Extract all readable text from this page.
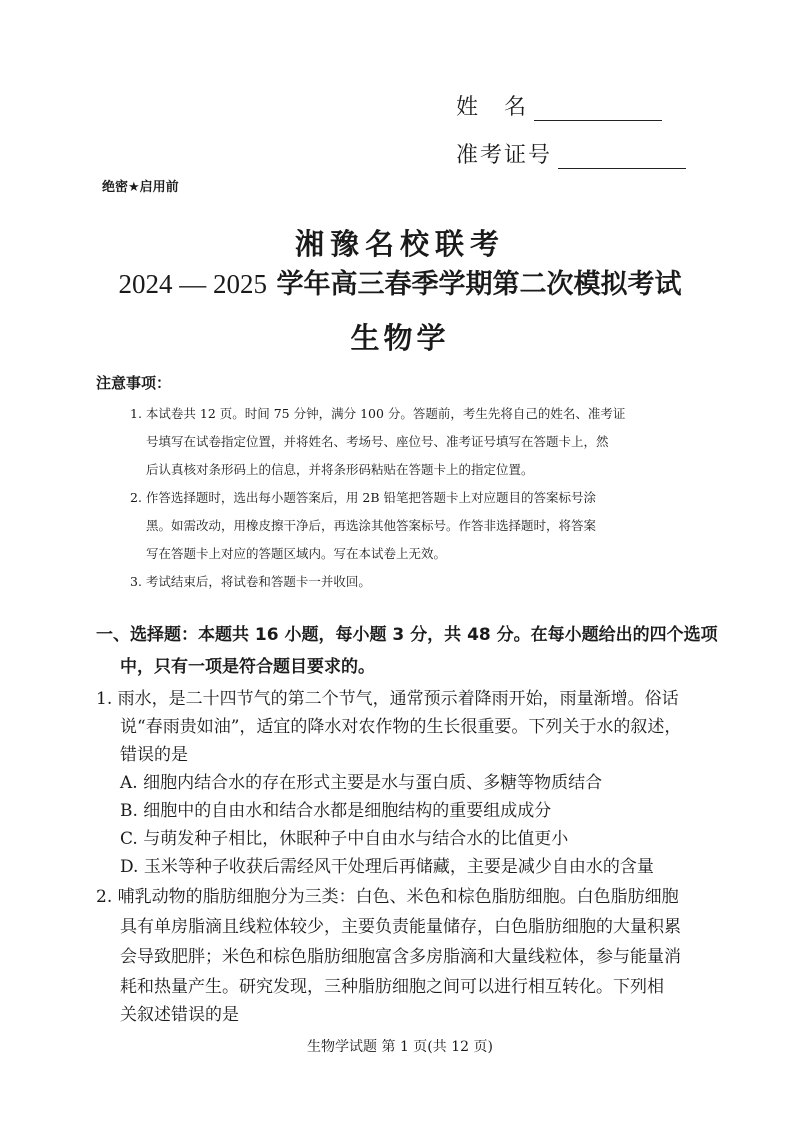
姓　名
准考证号
绝密★启用前
湘豫名校联考
2024 — 2025 学年高三春季学期第二次模拟考试
生物学
注意事项：
1. 本试卷共 12 页。时间 75 分钟，满分 100 分。答题前，考生先将自己的姓名、准考证
号填写在试卷指定位置，并将姓名、考场号、座位号、准考证号填写在答题卡上，然
后认真核对条形码上的信息，并将条形码粘贴在答题卡上的指定位置。
2. 作答选择题时，选出每小题答案后，用 2B 铅笔把答题卡上对应题目的答案标号涂
黑。如需改动，用橡皮擦干净后，再选涂其他答案标号。作答非选择题时，将答案
写在答题卡上对应的答题区域内。写在本试卷上无效。
3. 考试结束后，将试卷和答题卡一并收回。
一、选择题：本题共 16 小题，每小题 3 分，共 48 分。在每小题给出的四个选项
中，只有一项是符合题目要求的。
1. 雨水，是二十四节气的第二个节气，通常预示着降雨开始，雨量渐增。俗话
说“春雨贵如油”，适宜的降水对农作物的生长很重要。下列关于水的叙述，
错误的是
A. 细胞内结合水的存在形式主要是水与蛋白质、多糖等物质结合
B. 细胞中的自由水和结合水都是细胞结构的重要组成成分
C. 与萌发种子相比，休眠种子中自由水与结合水的比值更小
D. 玉米等种子收获后需经风干处理后再储藏，主要是减少自由水的含量
2. 哺乳动物的脂肪细胞分为三类：白色、米色和棕色脂肪细胞。白色脂肪细胞
具有单房脂滴且线粒体较少，主要负责能量储存，白色脂肪细胞的大量积累
会导致肥胖；米色和棕色脂肪细胞富含多房脂滴和大量线粒体，参与能量消
耗和热量产生。研究发现，三种脂肪细胞之间可以进行相互转化。下列相
关叙述错误的是
生物学试题 第 1 页(共 12 页)
